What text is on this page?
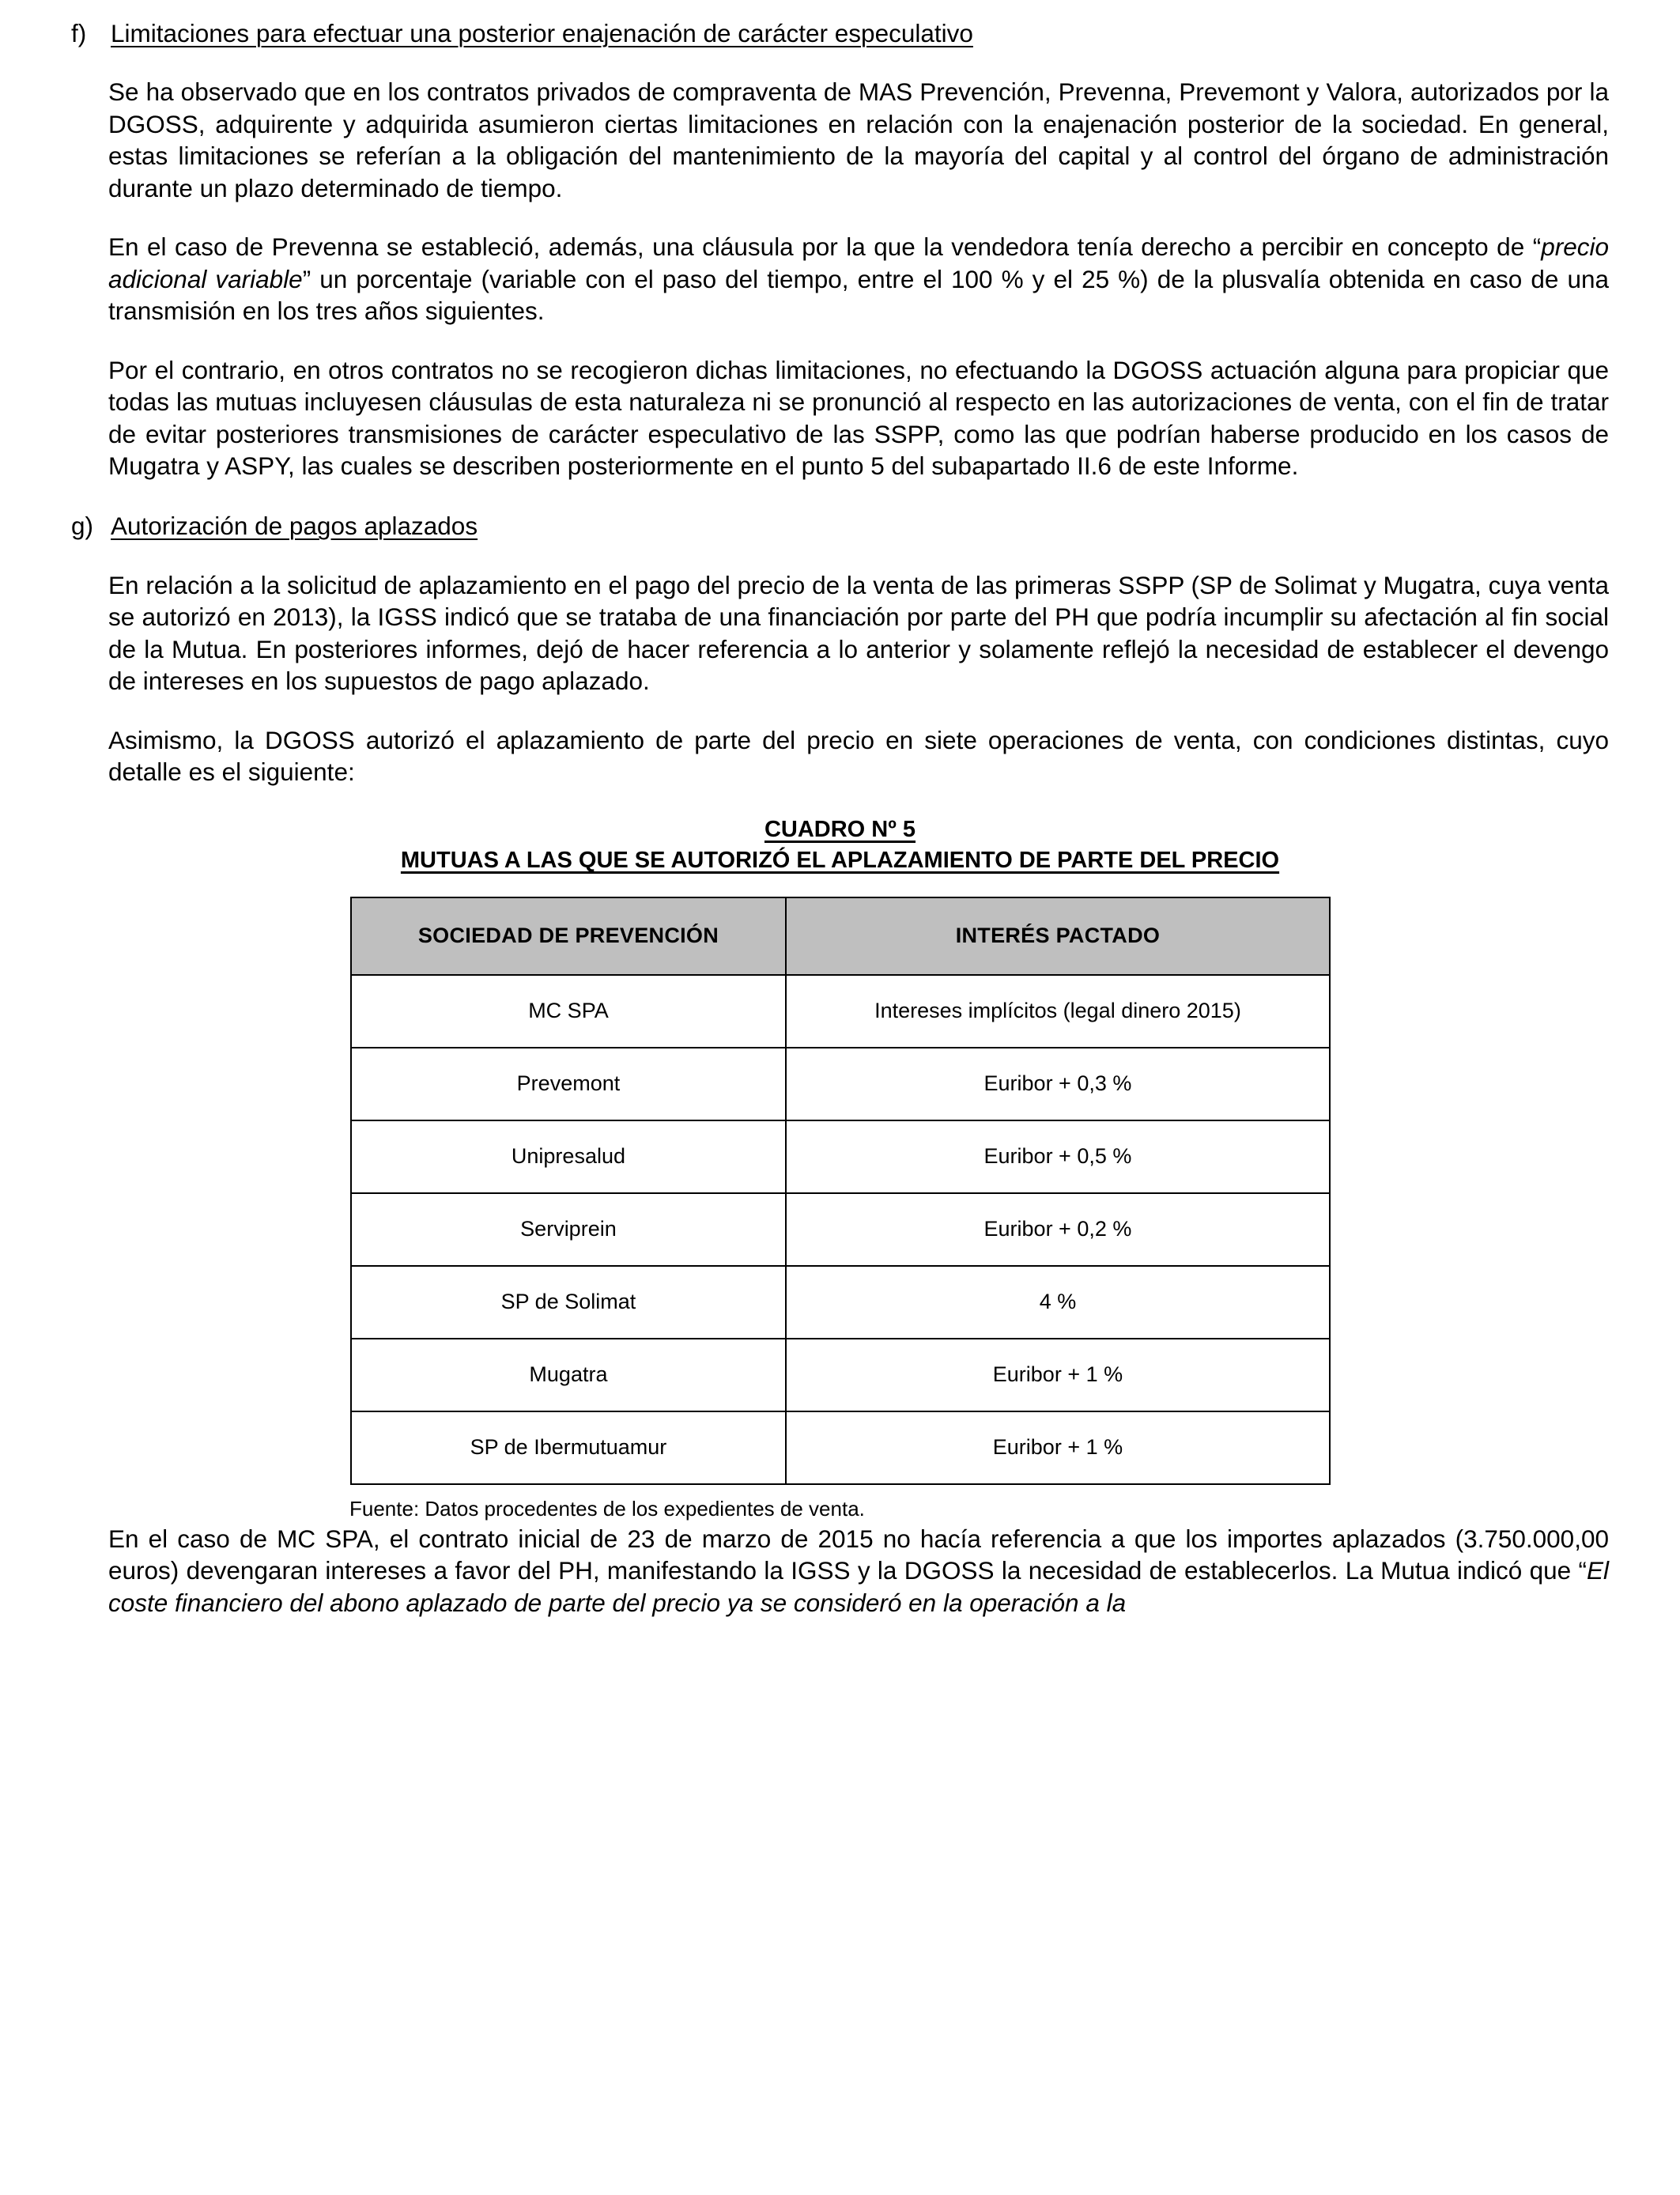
f) Limitaciones para efectuar una posterior enajenación de carácter especulativo

Se ha observado que en los contratos privados de compraventa de MAS Prevención, Prevenna, Prevemont y Valora, autorizados por la DGOSS, adquirente y adquirida asumieron ciertas limitaciones en relación con la enajenación posterior de la sociedad. En general, estas limitaciones se referían a la obligación del mantenimiento de la mayoría del capital y al control del órgano de administración durante un plazo determinado de tiempo.

En el caso de Prevenna se estableció, además, una cláusula por la que la vendedora tenía derecho a percibir en concepto de “precio adicional variable” un porcentaje (variable con el paso del tiempo, entre el 100 % y el 25 %) de la plusvalía obtenida en caso de una transmisión en los tres años siguientes.

Por el contrario, en otros contratos no se recogieron dichas limitaciones, no efectuando la DGOSS actuación alguna para propiciar que todas las mutuas incluyesen cláusulas de esta naturaleza ni se pronunció al respecto en las autorizaciones de venta, con el fin de tratar de evitar posteriores transmisiones de carácter especulativo de las SSPP, como las que podrían haberse producido en los casos de Mugatra y ASPY, las cuales se describen posteriormente en el punto 5 del subapartado II.6 de este Informe.

g) Autorización de pagos aplazados

En relación a la solicitud de aplazamiento en el pago del precio de la venta de las primeras SSPP (SP de Solimat y Mugatra, cuya venta se autorizó en 2013), la IGSS indicó que se trataba de una financiación por parte del PH que podría incumplir su afectación al fin social de la Mutua. En posteriores informes, dejó de hacer referencia a lo anterior y solamente reflejó la necesidad de establecer el devengo de intereses en los supuestos de pago aplazado.

Asimismo, la DGOSS autorizó el aplazamiento de parte del precio en siete operaciones de venta, con condiciones distintas, cuyo detalle es el siguiente:

CUADRO Nº 5
MUTUAS A LAS QUE SE AUTORIZÓ EL APLAZAMIENTO DE PARTE DEL PRECIO
SOCIEDAD DE PREVENCIÓN	INTERÉS PACTADO
MC SPA	Intereses implícitos (legal dinero 2015)
Prevemont	Euribor + 0,3 %
Unipresalud	Euribor + 0,5 %
Serviprein	Euribor + 0,2 %
SP de Solimat	4 %
Mugatra	Euribor + 1 %
SP de Ibermutuamur	Euribor + 1 %

Fuente: Datos procedentes de los expedientes de venta.

En el caso de MC SPA, el contrato inicial de 23 de marzo de 2015 no hacía referencia a que los importes aplazados (3.750.000,00 euros) devengaran intereses a favor del PH, manifestando la IGSS y la DGOSS la necesidad de establecerlos. La Mutua indicó que “El coste financiero del abono aplazado de parte del precio ya se consideró en la operación a la
